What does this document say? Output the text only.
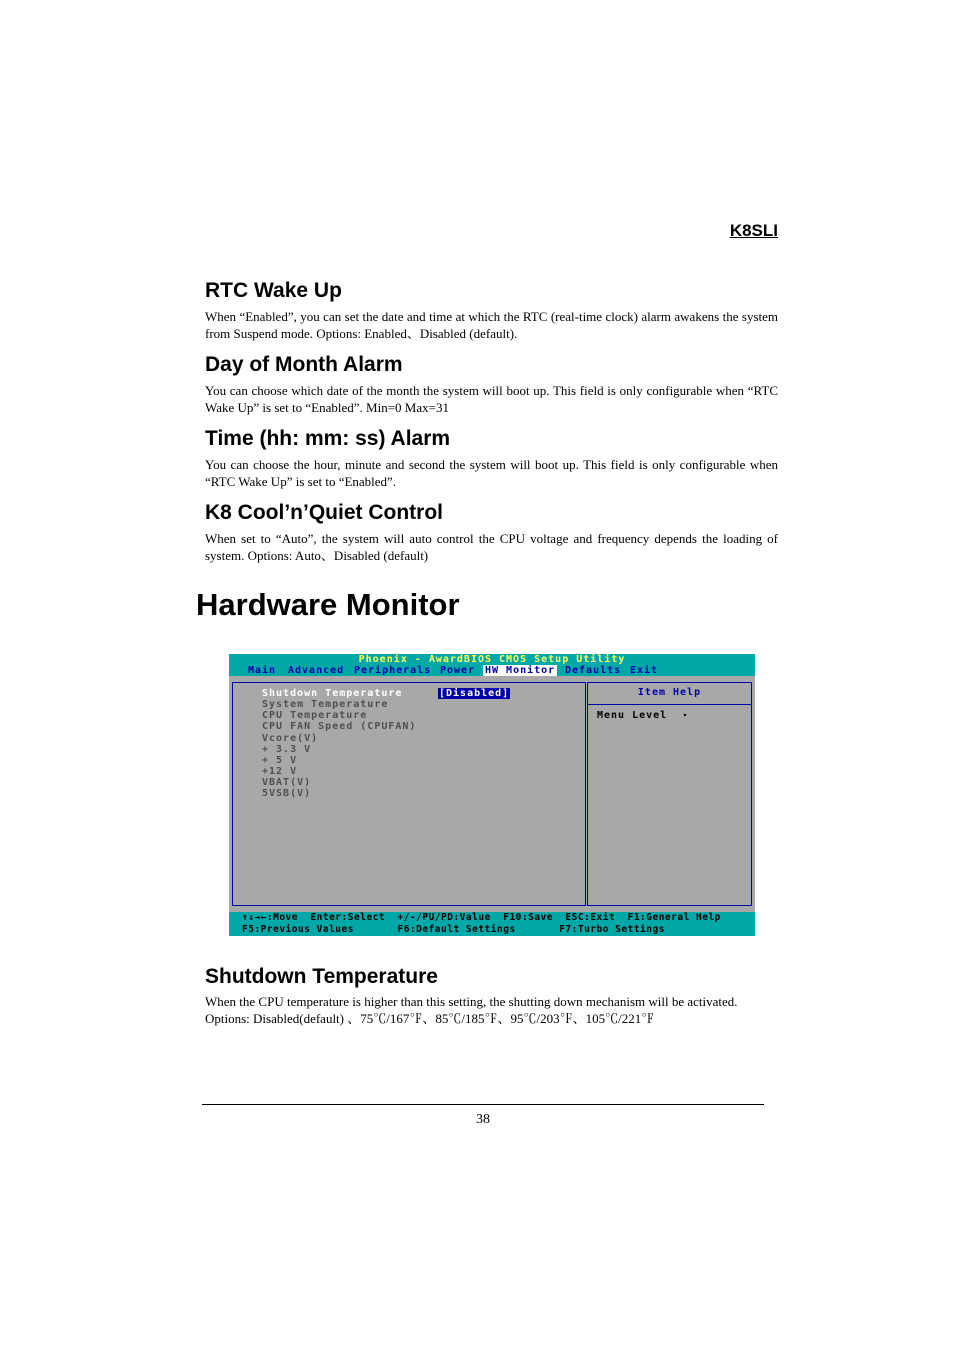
K8SLI
RTC Wake Up

When “Enabled”, you can set the date and time at which the RTC (real-time clock) alarm awakens the system from Suspend mode. Options: Enabled、Disabled (default).

Day of Month Alarm

You can choose which date of the month the system will boot up. This field is only configurable when “RTC Wake Up” is set to “Enabled”. Min=0 Max=31

Time (hh: mm: ss) Alarm

You can choose the hour, minute and second the system will boot up. This field is only configurable when “RTC Wake Up” is set to “Enabled”.

K8 Cool’n’Quiet Control

When set to “Auto”, the system will auto control the CPU voltage and frequency depends the loading of system. Options: Auto、Disabled (default)

Hardware Monitor
Phoenix - AwardBIOS CMOS Setup Utility
Main Advanced Peripherals Power HW Monitor Defaults Exit
Shutdown Temperature	[Disabled]
System Temperature
CPU Temperature
CPU FAN Speed (CPUFAN)
Vcore(V)
+ 3.3 V
+ 5 V
+12 V
VBAT(V)
5VSB(V)
Item Help
Menu Level ▸

↑↓→←:Move  Enter:Select  +/-/PU/PD:Value  F10:Save  ESC:Exit  F1:General Help

F5:Previous Values       F6:Default Settings       F7:Turbo Settings

Shutdown Temperature

When the CPU temperature is higher than this setting, the shutting down mechanism will be activated.

Options: Disabled(default) 、75℃/167℉、85℃/185℉、95℃/203℉、105℃/221℉

38
